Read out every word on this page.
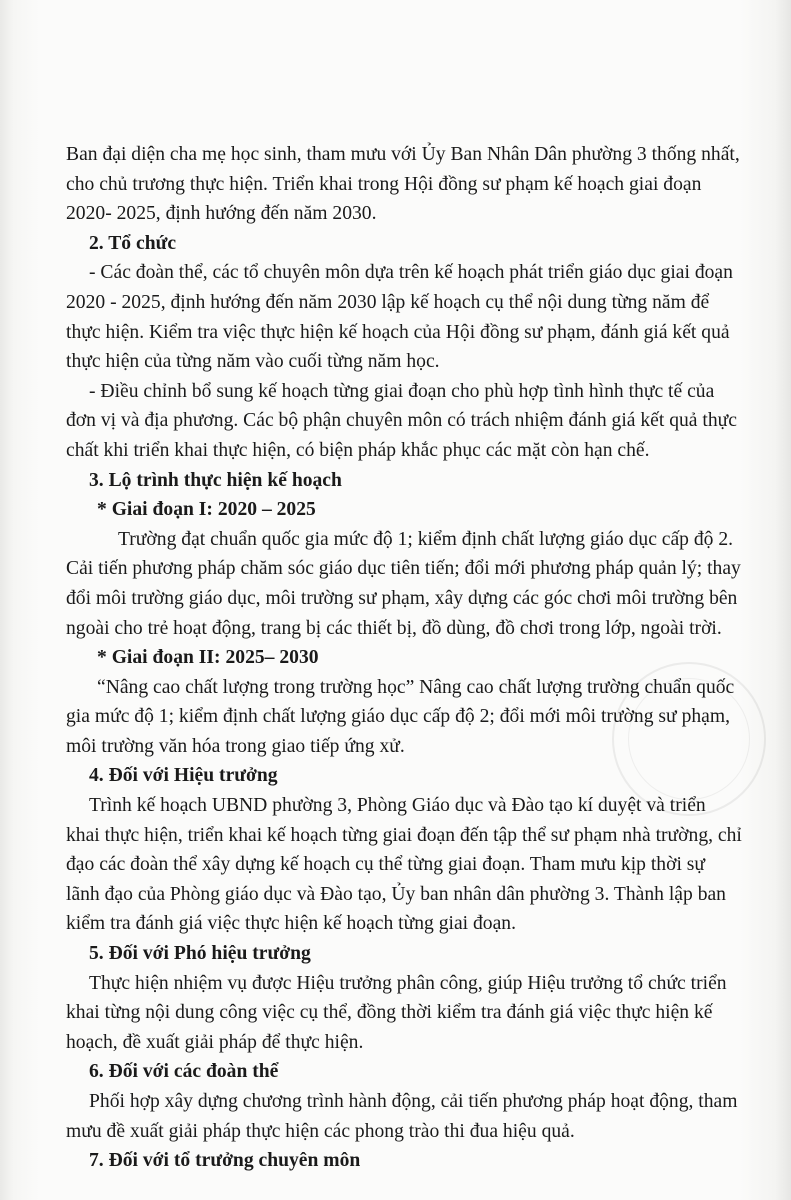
Ban đại diện cha mẹ học sinh, tham mưu với Ủy Ban Nhân Dân phường 3 thống nhất, cho chủ trương thực hiện. Triển khai trong Hội đồng sư phạm kế hoạch giai đoạn 2020- 2025, định hướng đến năm 2030.

2. Tổ chức

- Các đoàn thể, các tổ chuyên môn dựa trên kế hoạch phát triển giáo dục giai đoạn 2020 - 2025, định hướng đến năm 2030 lập kế hoạch cụ thể nội dung từng năm để thực hiện. Kiểm tra việc thực hiện kế hoạch của Hội đồng sư phạm, đánh giá kết quả thực hiện của từng năm vào cuối từng năm học.

- Điều chỉnh bổ sung kế hoạch từng giai đoạn cho phù hợp tình hình thực tế của đơn vị và địa phương. Các bộ phận chuyên môn có trách nhiệm đánh giá kết quả thực chất khi triển khai thực hiện, có biện pháp khắc phục các mặt còn hạn chế.

3. Lộ trình thực hiện kế hoạch

* Giai đoạn I: 2020 – 2025

Trường đạt chuẩn quốc gia mức độ 1; kiểm định chất lượng giáo dục cấp độ 2. Cải tiến phương pháp chăm sóc giáo dục tiên tiến; đổi mới phương pháp quản lý; thay đổi môi trường giáo dục, môi trường sư phạm, xây dựng các góc chơi môi trường bên ngoài cho trẻ hoạt động, trang bị các thiết bị, đồ dùng, đồ chơi trong lớp, ngoài trời.

* Giai đoạn II: 2025– 2030

“Nâng cao chất lượng trong trường học” Nâng cao chất lượng trường chuẩn quốc gia mức độ 1; kiểm định chất lượng giáo dục cấp độ 2; đổi mới môi trường sư phạm, môi trường văn hóa trong giao tiếp ứng xử.

4. Đối với Hiệu trưởng

Trình kế hoạch UBND phường 3, Phòng Giáo dục và Đào tạo kí duyệt và triển khai thực hiện, triển khai kế hoạch từng giai đoạn đến tập thể sư phạm nhà trường, chỉ đạo các đoàn thể xây dựng kế hoạch cụ thể từng giai đoạn. Tham mưu kịp thời sự lãnh đạo của Phòng giáo dục và Đào tạo, Ủy ban nhân dân phường 3. Thành lập ban kiểm tra đánh giá việc thực hiện kế hoạch từng giai đoạn.

5. Đối với Phó hiệu trưởng

Thực hiện nhiệm vụ được Hiệu trưởng phân công, giúp Hiệu trưởng tổ chức triển khai từng nội dung công việc cụ thể, đồng thời kiểm tra đánh giá việc thực hiện kế hoạch, đề xuất giải pháp để thực hiện.

6. Đối với các đoàn thể

Phối hợp xây dựng chương trình hành động, cải tiến phương pháp hoạt động, tham mưu đề xuất giải pháp thực hiện các phong trào thi đua hiệu quả.

7. Đối với tổ trưởng chuyên môn
